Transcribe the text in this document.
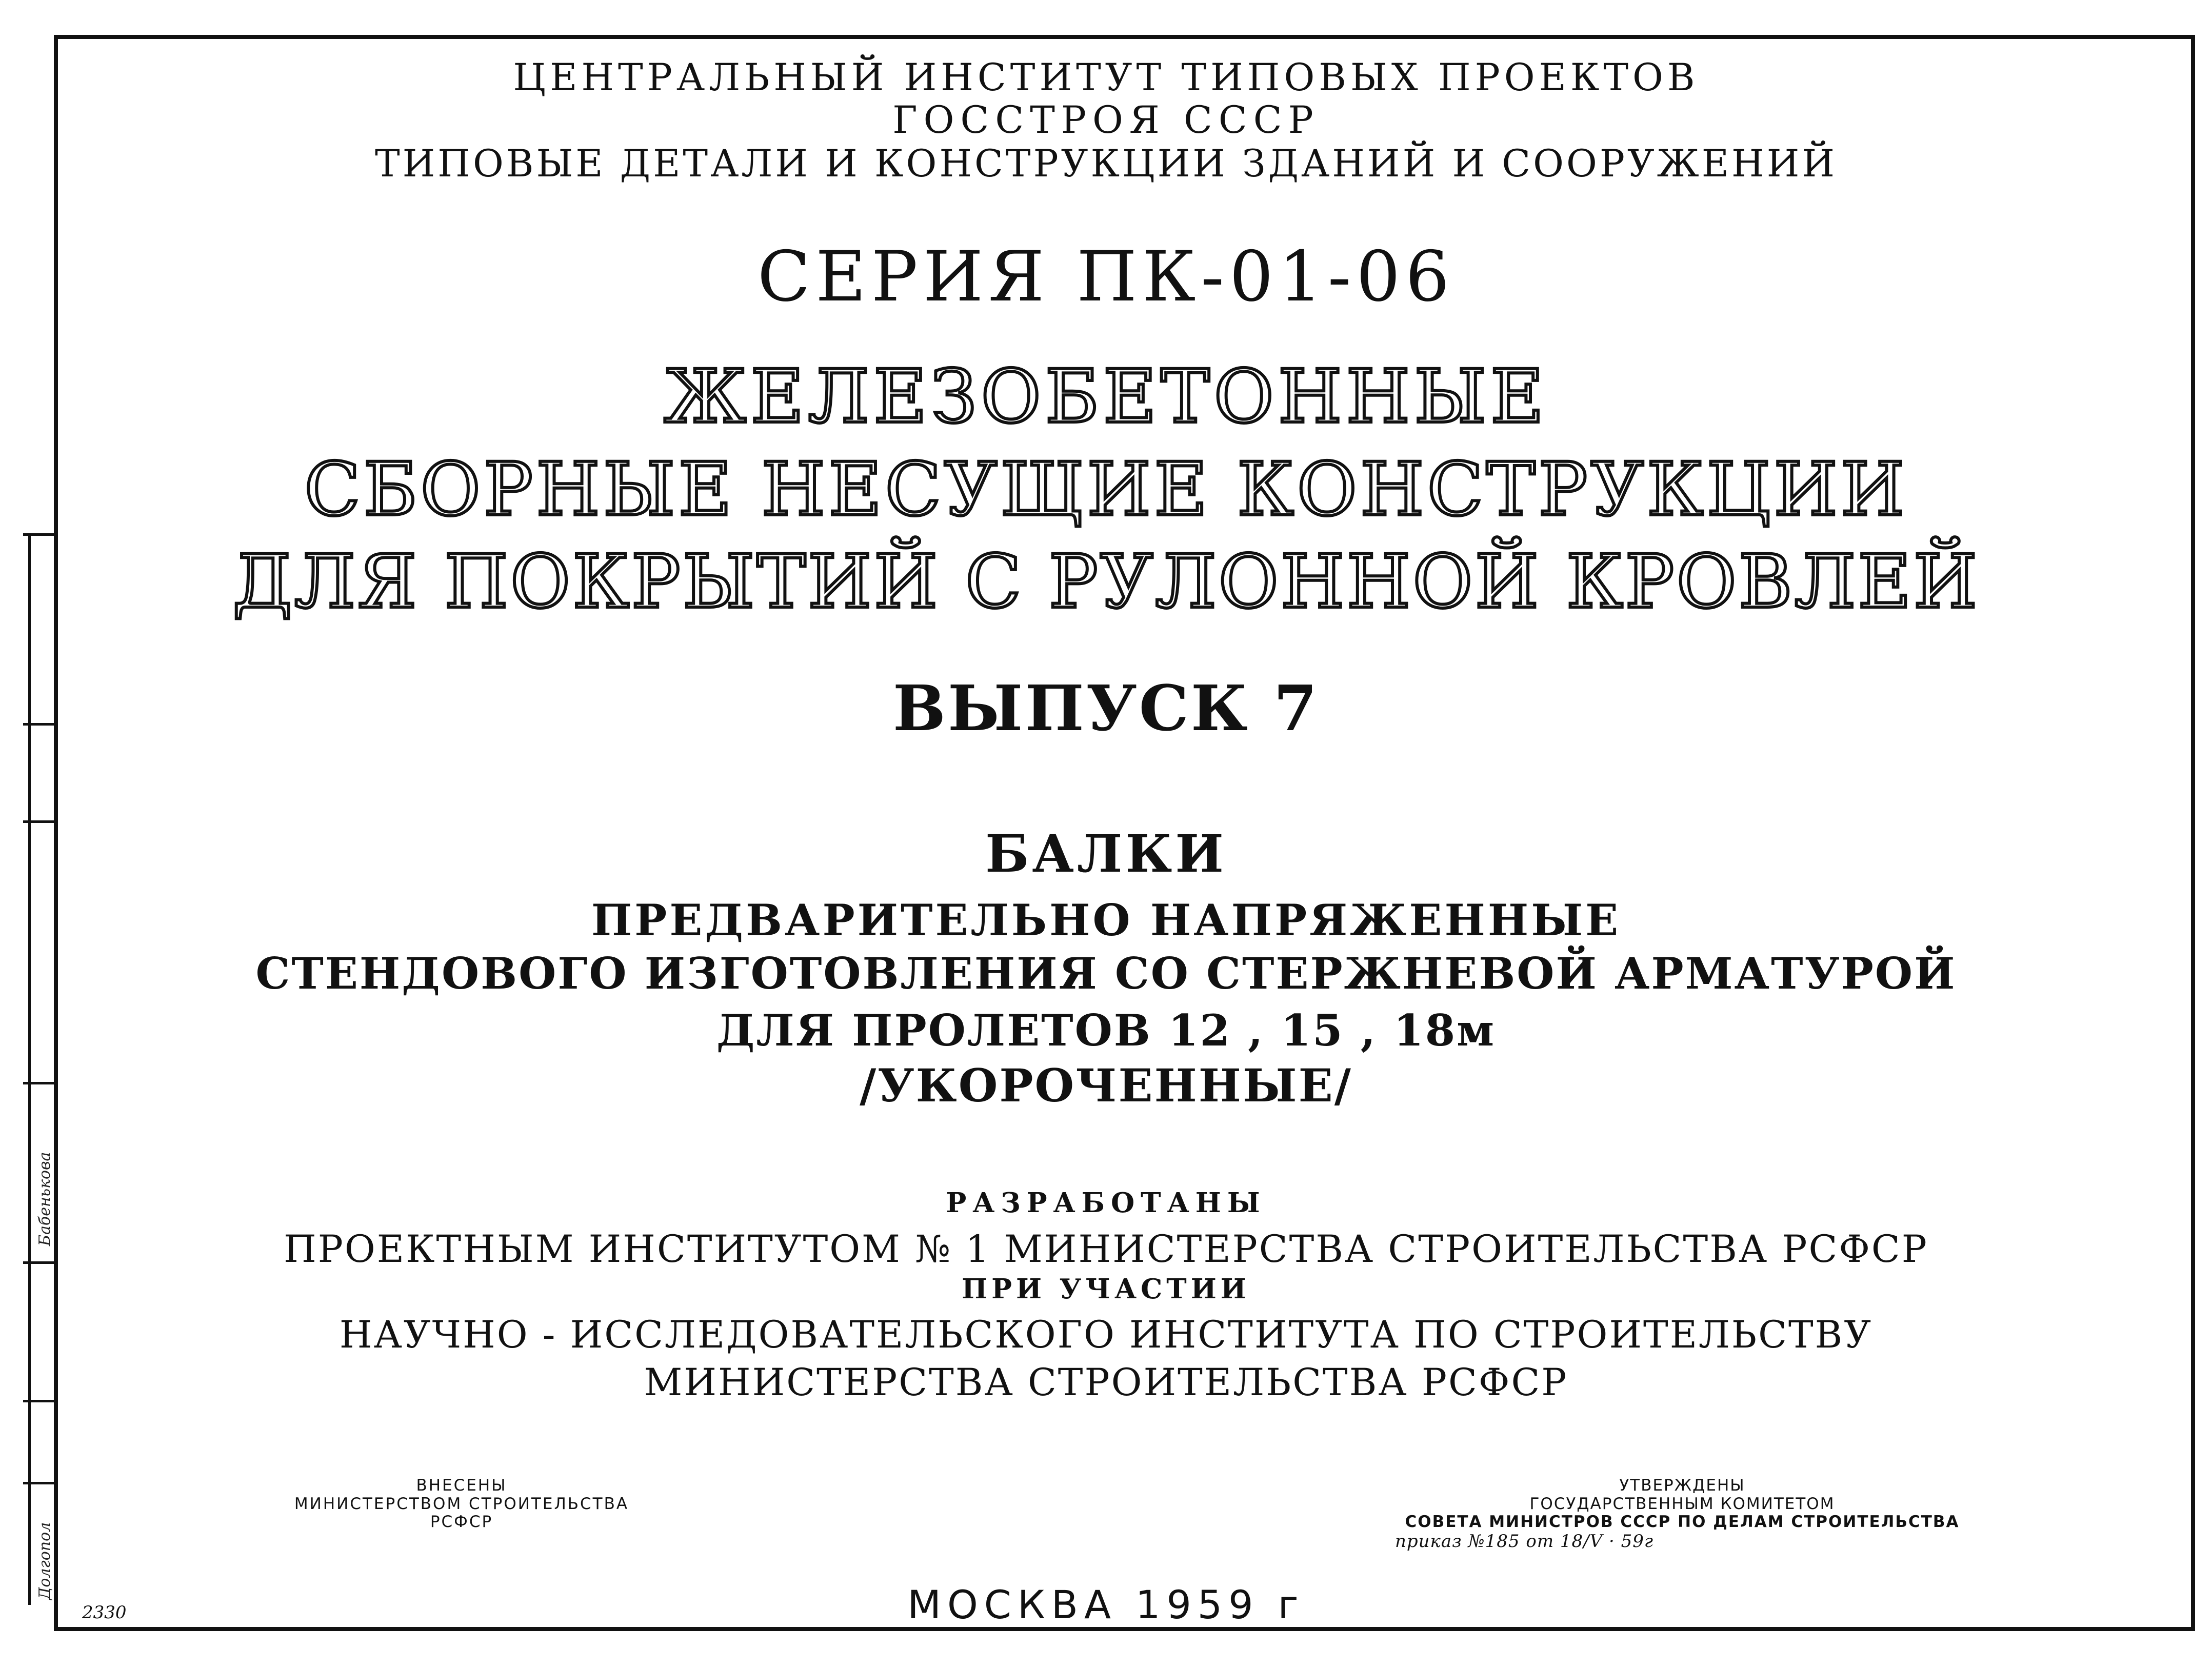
ЦЕНТРАЛЬНЫЙ ИНСТИТУТ ТИПОВЫХ ПРОЕКТОВ
ГОССТРОЯ СССР
ТИПОВЫЕ ДЕТАЛИ И КОНСТРУКЦИИ ЗДАНИЙ И СООРУЖЕНИЙ
СЕРИЯ ПК-01-06
ЖЕЛЕЗОБЕТОННЫЕ
СБОРНЫЕ НЕСУЩИЕ КОНСТРУКЦИИ
ДЛЯ ПОКРЫТИЙ С РУЛОННОЙ КРОВЛЕЙ
ВЫПУСК 7
БАЛКИ
ПРЕДВАРИТЕЛЬНО НАПРЯЖЕННЫЕ
СТЕНДОВОГО ИЗГОТОВЛЕНИЯ СО СТЕРЖНЕВОЙ АРМАТУРОЙ
ДЛЯ ПРОЛЕТОВ 12 , 15 , 18м
/УКОРОЧЕННЫЕ/
РАЗРАБОТАНЫ
ПРОЕКТНЫМ ИНСТИТУТОМ № 1 МИНИСТЕРСТВА СТРОИТЕЛЬСТВА РСФСР
ПРИ УЧАСТИИ
НАУЧНО - ИССЛЕДОВАТЕЛЬСКОГО ИНСТИТУТА ПО СТРОИТЕЛЬСТВУ
МИНИСТЕРСТВА СТРОИТЕЛЬСТВА РСФСР
ВНЕСЕНЫ
МИНИСТЕРСТВОМ СТРОИТЕЛЬСТВА
РСФСР
УТВЕРЖДЕНЫ
ГОСУДАРСТВЕННЫМ КОМИТЕТОМ
СОВЕТА МИНИСТРОВ СССР ПО ДЕЛАМ СТРОИТЕЛЬСТВА
приказ №185 от 18/V · 59г
МОСКВА 1959 г
2330
Бабенькова
Долгопол
